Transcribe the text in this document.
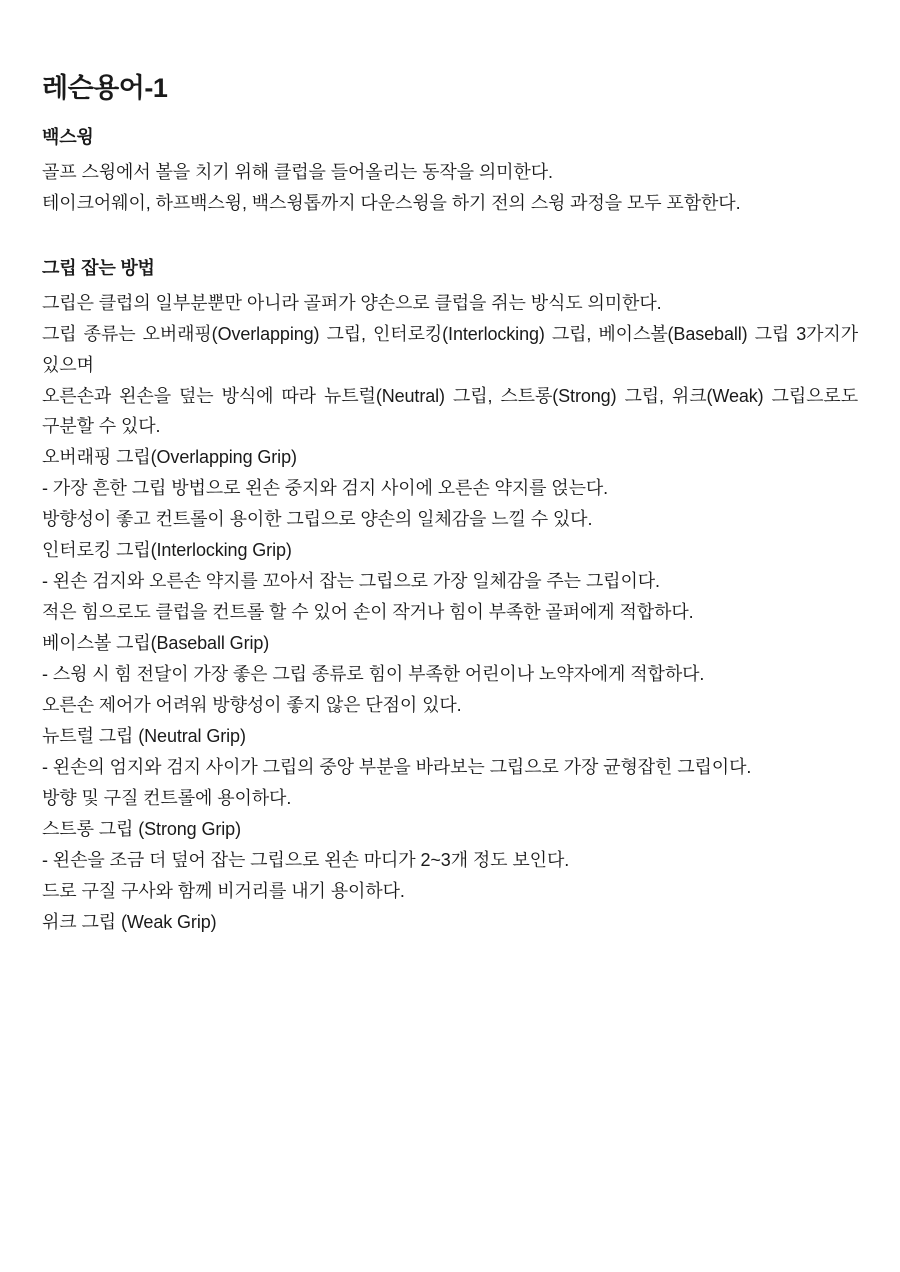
레슨용어-1
백스윙

골프 스윙에서 볼을 치기 위해 클럽을 들어올리는 동작을 의미한다.

테이크어웨이, 하프백스윙, 백스윙톱까지 다운스윙을 하기 전의 스윙 과정을 모두 포함한다.

그립 잡는 방법

그립은 클럽의 일부분뿐만 아니라 골퍼가 양손으로 클럽을 쥐는 방식도 의미한다.

그립 종류는 오버래핑(Overlapping) 그립, 인터로킹(Interlocking) 그립, 베이스볼(Baseball) 그립 3가지가 있으며

오른손과 왼손을 덮는 방식에 따라 뉴트럴(Neutral) 그립, 스트롱(Strong) 그립, 위크(Weak) 그립으로도 구분할 수 있다.

오버래핑 그립(Overlapping Grip)

- 가장 흔한 그립 방법으로 왼손 중지와 검지 사이에 오른손 약지를 얹는다.

방향성이 좋고 컨트롤이 용이한 그립으로 양손의 일체감을 느낄 수 있다.

인터로킹 그립(Interlocking Grip)

- 왼손 검지와 오른손 약지를 꼬아서 잡는 그립으로 가장 일체감을 주는 그립이다.

적은 힘으로도 클럽을 컨트롤 할 수 있어 손이 작거나 힘이 부족한 골퍼에게 적합하다.

베이스볼 그립(Baseball Grip)

- 스윙 시 힘 전달이 가장 좋은 그립 종류로 힘이 부족한 어린이나 노약자에게 적합하다.

오른손 제어가 어려워 방향성이 좋지 않은 단점이 있다.

뉴트럴 그립 (Neutral Grip)

- 왼손의 엄지와 검지 사이가 그립의 중앙 부분을 바라보는 그립으로 가장 균형잡힌 그립이다.

방향 및 구질 컨트롤에 용이하다.

스트롱 그립 (Strong Grip)

- 왼손을 조금 더 덮어 잡는 그립으로 왼손 마디가 2~3개 정도 보인다.

드로 구질 구사와 함께 비거리를 내기 용이하다.

위크 그립 (Weak Grip)
